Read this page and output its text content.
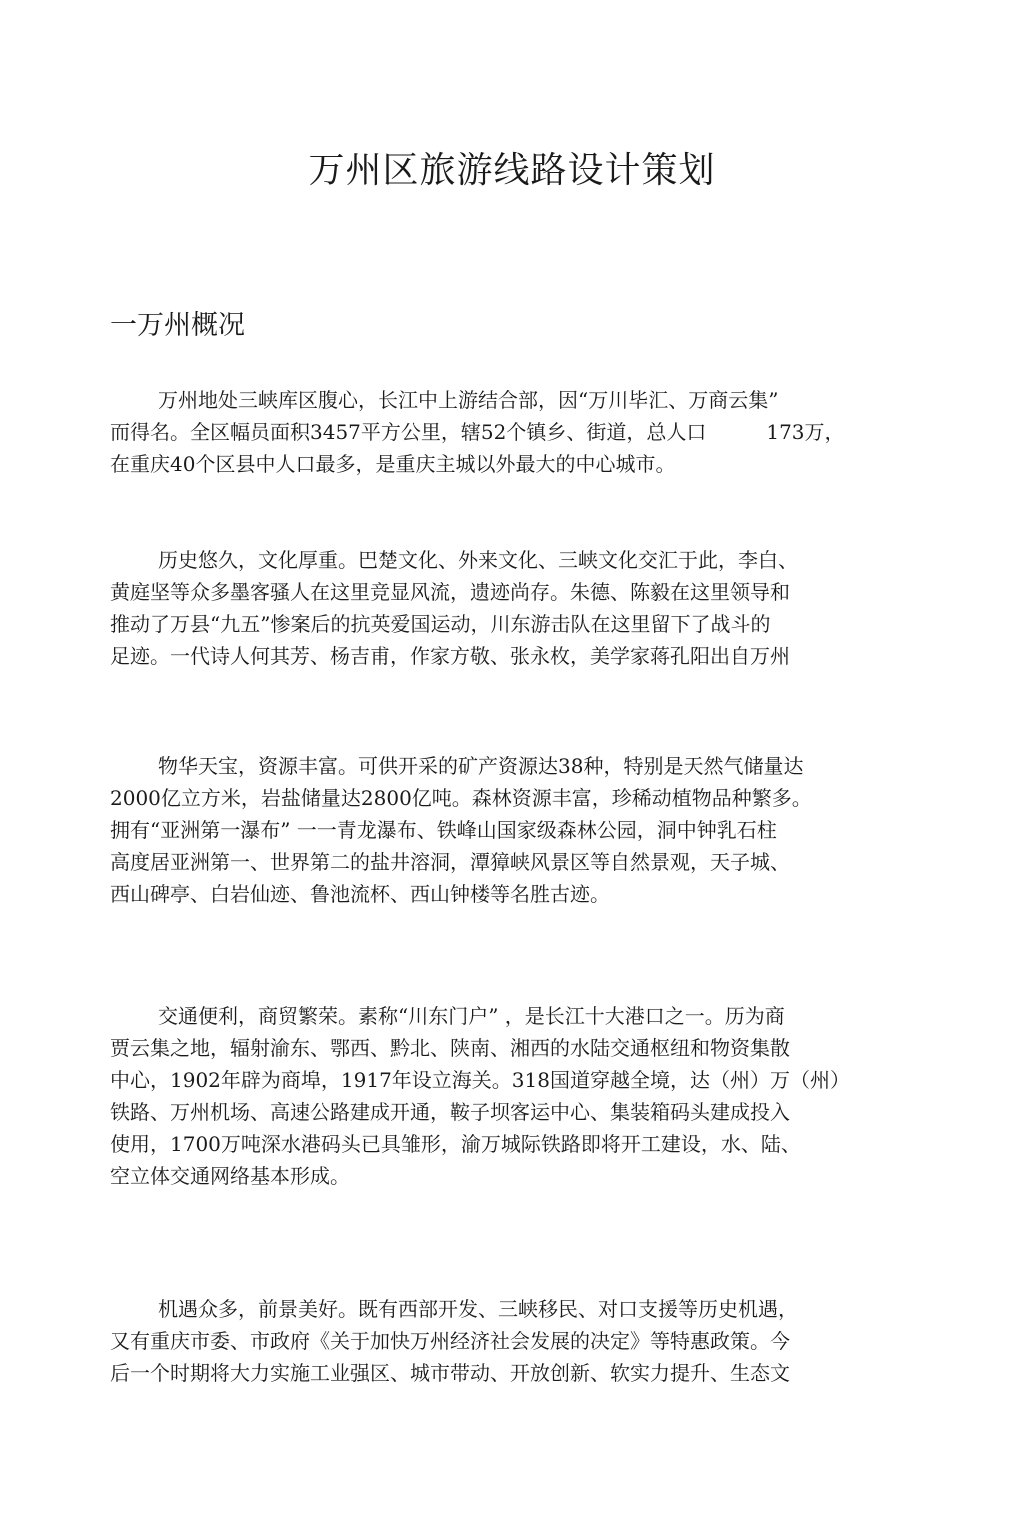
万州区旅游线路设计策划
一万州概况

万州地处三峡库区腹心，长江中上游结合部，因“万川毕汇、万商云集”
而得名。全区幅员面积3457平方公里，辖52个镇乡、街道，总人口	173万，
在重庆40个区县中人口最多，是重庆主城以外最大的中心城市。

历史悠久，文化厚重。巴楚文化、外来文化、三峡文化交汇于此，李白、
黄庭坚等众多墨客骚人在这里竞显风流，遗迹尚存。朱德、陈毅在这里领导和
推动了万县“九五”惨案后的抗英爱国运动，川东游击队在这里留下了战斗的
足迹。一代诗人何其芳、杨吉甫，作家方敬、张永枚，美学家蒋孔阳出自万州

物华天宝，资源丰富。可供开采的矿产资源达38种，特别是天然气储量达
2000亿立方米，岩盐储量达2800亿吨。森林资源丰富，珍稀动植物品种繁多。
拥有“亚洲第一瀑布” 一一青龙瀑布、铁峰山国家级森林公园，洞中钟乳石柱
高度居亚洲第一、世界第二的盐井溶洞，潭獐峡风景区等自然景观，天子城、
西山碑亭、白岩仙迹、鲁池流杯、西山钟楼等名胜古迹。

交通便利，商贸繁荣。素称“川东门户” ，是长江十大港口之一。历为商
贾云集之地，辐射渝东、鄂西、黔北、陕南、湘西的水陆交通枢纽和物资集散
中心，1902年辟为商埠，1917年设立海关。318国道穿越全境，达（州）万（州）
铁路、万州机场、高速公路建成开通，鞍子坝客运中心、集装箱码头建成投入
使用，1700万吨深水港码头已具雏形，渝万城际铁路即将开工建设，水、陆、
空立体交通网络基本形成。

机遇众多，前景美好。既有西部开发、三峡移民、对口支援等历史机遇，
又有重庆市委、市政府《关于加快万州经济社会发展的决定》等特惠政策。今
后一个时期将大力实施工业强区、城市带动、开放创新、软实力提升、生态文
